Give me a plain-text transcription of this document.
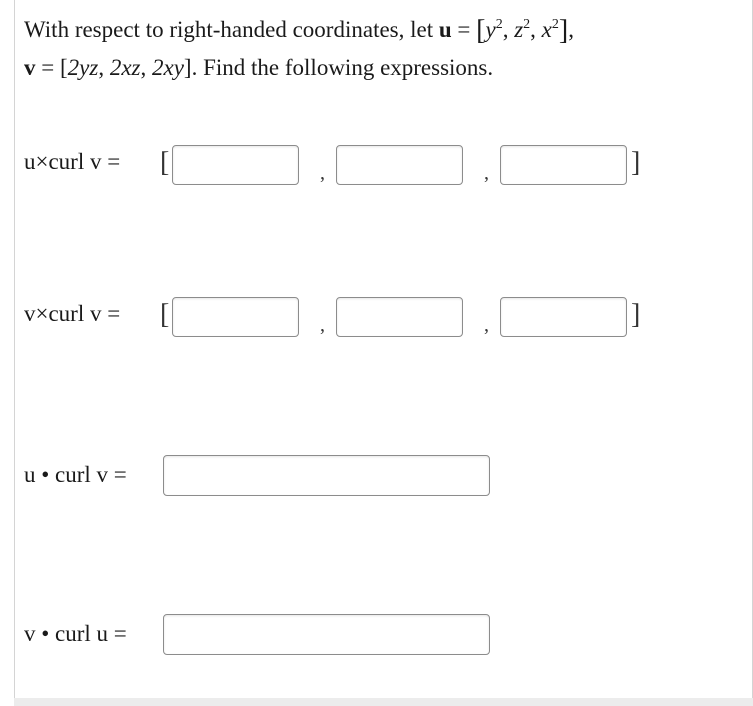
With respect to right-handed coordinates, let $u = [y^2$, $z^2$, $x^2$],
v = [2yz, 2xz, 2xy]. Find the following expressions.
u×curl v = [	,	,	]
v×curl v = [	,	,	]
u • curl v =
v • curl u =
